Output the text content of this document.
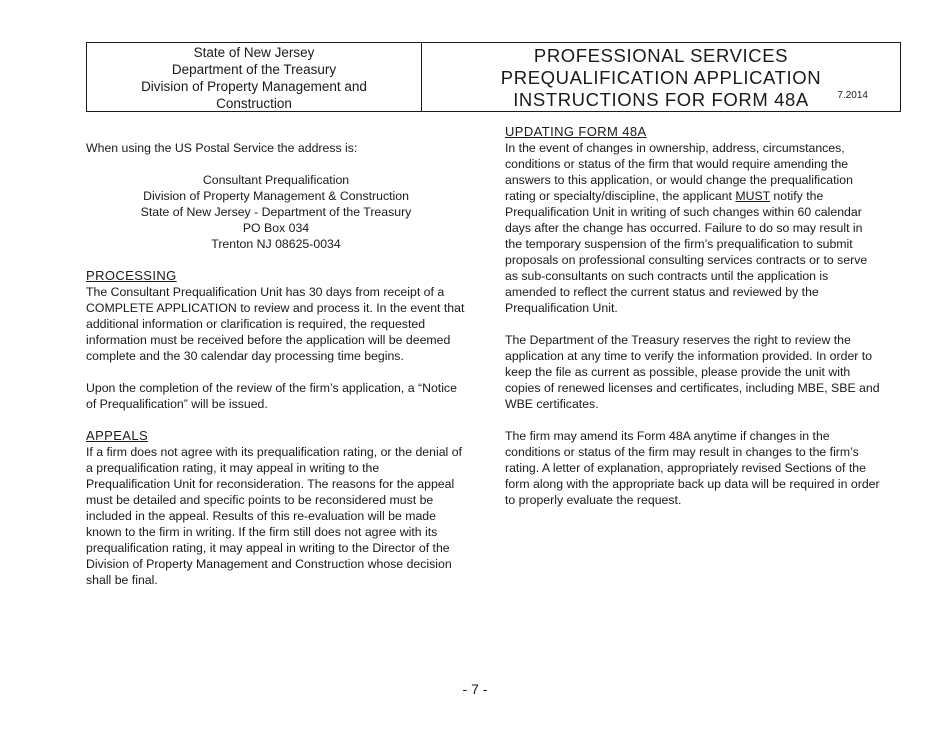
State of New Jersey
Department of the Treasury
Division of Property Management and
Construction
PROFESSIONAL SERVICES
PREQUALIFICATION APPLICATION
INSTRUCTIONS FOR FORM 48A	7.2014

When using the US Postal Service the address is:

Consultant Prequalification
Division of Property Management & Construction
State of New Jersey - Department of the Treasury
PO Box 034
Trenton NJ 08625-0034
PROCESSING

The Consultant Prequalification Unit has 30 days from receipt of a COMPLETE APPLICATION to review and process it. In the event that additional information or clarification is required, the requested information must be received before the application will be deemed complete and the 30 calendar day processing time begins.

Upon the completion of the review of the firm’s application, a “Notice of Prequalification” will be issued.

APPEALS

If a firm does not agree with its prequalification rating, or the denial of a prequalification rating, it may appeal in writing to the Prequalification Unit for reconsideration. The reasons for the appeal must be detailed and specific points to be reconsidered must be included in the appeal. Results of this re-evaluation will be made known to the firm in writing. If the firm still does not agree with its prequalification rating, it may appeal in writing to the Director of the Division of Property Management and Construction whose decision shall be final.

UPDATING FORM 48A

In the event of changes in ownership, address, circumstances, conditions or status of the firm that would require amending the answers to this application, or would change the prequalification rating or specialty/discipline, the applicant MUST notify the Prequalification Unit in writing of such changes within 60 calendar days after the change has occurred. Failure to do so may result in the temporary suspension of the firm’s prequalification to submit proposals on professional consulting services contracts or to serve as sub-consultants on such contracts until the application is amended to reflect the current status and reviewed by the Prequalification Unit.

The Department of the Treasury reserves the right to review the application at any time to verify the information provided. In order to keep the file as current as possible, please provide the unit with copies of renewed licenses and certificates, including MBE, SBE and WBE certificates.

The firm may amend its Form 48A anytime if changes in the conditions or status of the firm may result in changes to the firm’s rating. A letter of explanation, appropriately revised Sections of the form along with the appropriate back up data will be required in order to properly evaluate the request.

- 7 -
